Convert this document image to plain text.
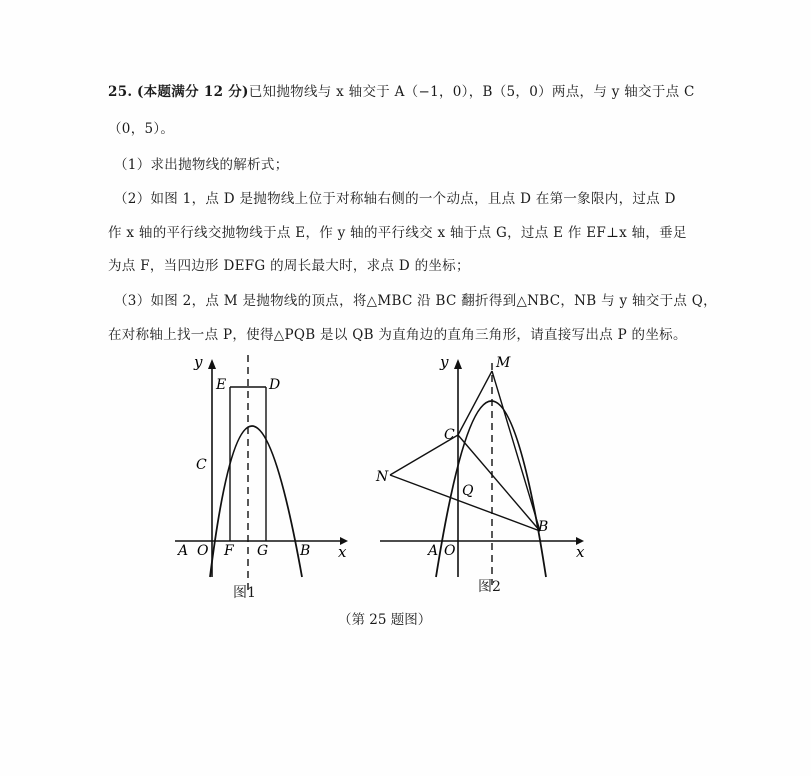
25. (本题满分 12 分)已知抛物线与 x 轴交于 A（−1，0），B（5，0）两点，与 y 轴交于点 C
（0，5）。
（1）求出抛物线的解析式；
（2）如图 1，点 D 是抛物线上位于对称轴右侧的一个动点，且点 D 在第一象限内，过点 D
作 x 轴的平行线交抛物线于点 E，作 y 轴的平行线交 x 轴于点 G，过点 E 作 EF⊥x 轴，垂足
为点 F，当四边形 DEFG 的周长最大时，求点 D 的坐标；
（3）如图 2，点 M 是抛物线的顶点，将△MBC 沿 BC 翻折得到△NBC，NB 与 y 轴交于点 Q，
在对称轴上找一点 P，使得△PQB 是以 QB 为直角边的直角三角形，请直接写出点 P 的坐标。
y
x
A O F G B
C
E	D
图1
y
x
A O
B
C
M
N
Q
图2
（第 25 题图）
